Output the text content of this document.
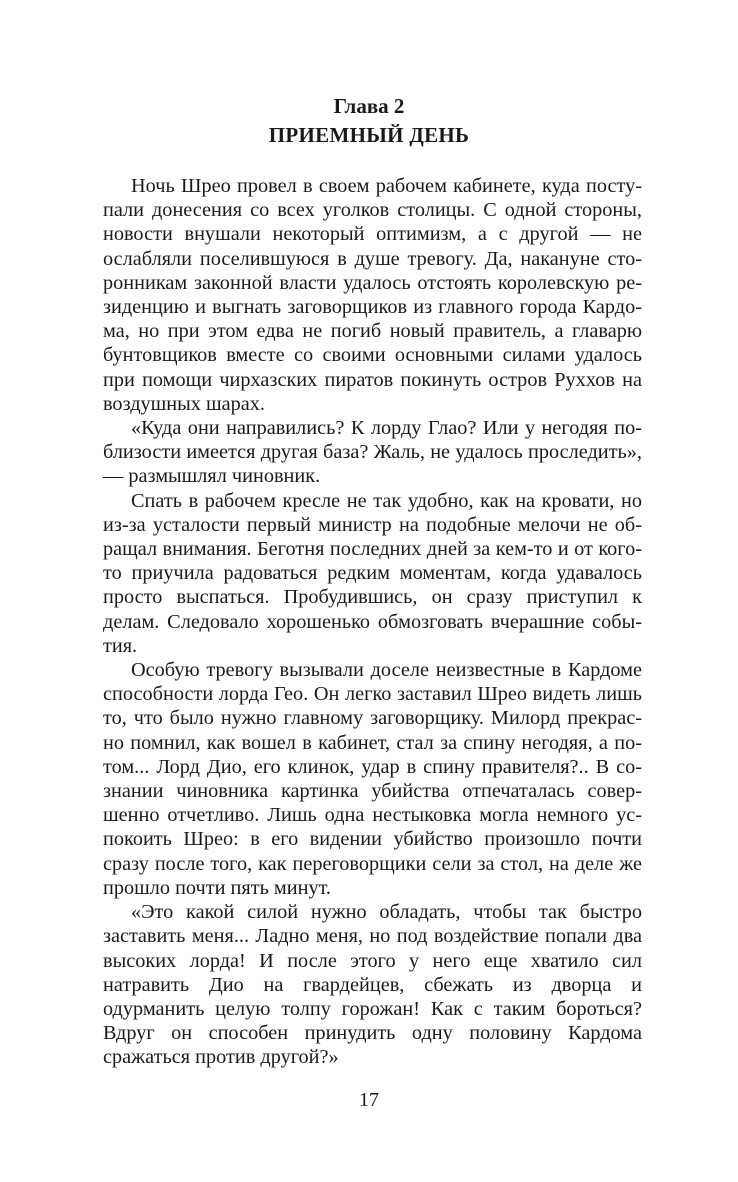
Глава 2
ПРИЕМНЫЙ ДЕНЬ

Ночь Шрео провел в своем рабочем кабинете, куда поступали донесения со всех уголков столицы. С одной стороны, новости внушали некоторый оптимизм, а с другой — не ослабляли поселившуюся в душе тревогу. Да, накануне сторонникам законной власти удалось отстоять королевскую резиденцию и выгнать заговорщиков из главного города Кардома, но при этом едва не погиб новый правитель, а главарю бунтовщиков вместе со своими основными силами удалось при помощи чирхазских пиратов покинуть остров Руххов на воздушных шарах.

«Куда они направились? К лорду Глао? Или у негодяя поблизости имеется другая база? Жаль, не удалось проследить», — размышлял чиновник.

Спать в рабочем кресле не так удобно, как на кровати, но из-за усталости первый министр на подобные мелочи не обращал внимания. Беготня последних дней за кем-то и от кого-то приучила радоваться редким моментам, когда удавалось просто выспаться. Пробудившись, он сразу приступил к делам. Следовало хорошенько обмозговать вчерашние события.

Особую тревогу вызывали доселе неизвестные в Кардоме способности лорда Гео. Он легко заставил Шрео видеть лишь то, что было нужно главному заговорщику. Милорд прекрасно помнил, как вошел в кабинет, стал за спину негодяя, а потом... Лорд Дио, его клинок, удар в спину правителя?.. В сознании чиновника картинка убийства отпечаталась совершенно отчетливо. Лишь одна нестыковка могла немного успокоить Шрео: в его видении убийство произошло почти сразу после того, как переговорщики сели за стол, на деле же прошло почти пять минут.

«Это какой силой нужно обладать, чтобы так быстро застaвить меня... Ладно меня, но под воздействие попали два высоких лорда! И после этого у него еще хватило сил натравить Дио на гвардейцев, сбежать из дворца и одурманить целую толпу горожан! Как с таким бороться? Вдруг он способен принудить одну половину Кардома сражаться против другой?»

17
